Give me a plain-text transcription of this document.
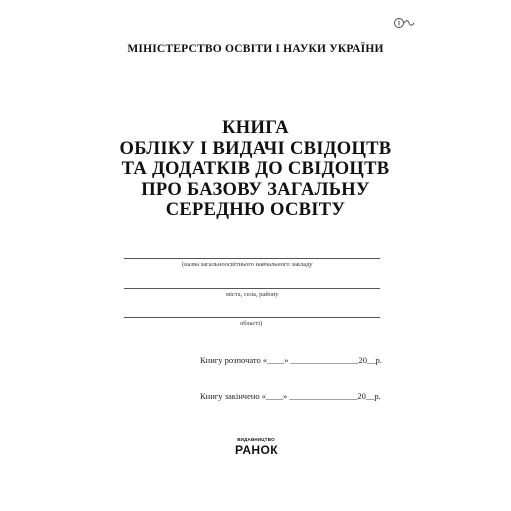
МІНІСТЕРСТВО ОСВІТИ І НАУКИ УКРАЇНИ
КНИГА
ОБЛІКУ І ВИДАЧІ СВІДОЦТВ
ТА ДОДАТКІВ ДО СВІДОЦТВ
ПРО БАЗОВУ ЗАГАЛЬНУ
СЕРЕДНЮ ОСВІТУ
(назва загальноосвітнього навчального закладу
міста, села, району
області)
Книгу розпочато «____» ________________20__р.
Книгу закінчено «____» ________________20__р.
ВИДАВНИЦТВО
РАНОК
